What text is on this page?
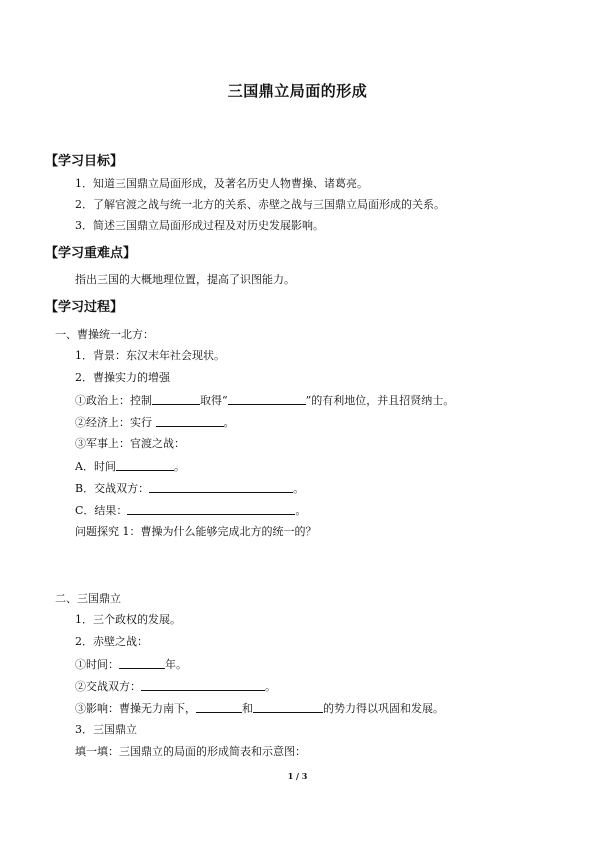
三国鼎立局面的形成
【学习目标】
1．知道三国鼎立局面形成，及著名历史人物曹操、诸葛亮。
2．了解官渡之战与统一北方的关系、赤壁之战与三国鼎立局面形成的关系。
3．简述三国鼎立局面形成过程及对历史发展影响。
【学习重难点】
指出三国的大概地理位置，提高了识图能力。
【学习过程】
一、曹操统一北方：
1．背景：东汉末年社会现状。
2．曹操实力的增强
①政治上：控制	取得“	”的有利地位，并且招贤纳士。
②经济上：实行	。
③军事上：官渡之战：
A．时间	。
B．交战双方：	。
C．结果：	。
问题探究 1：曹操为什么能够完成北方的统一的？
二、三国鼎立
1．三个政权的发展。
2．赤壁之战：
①时间：	年。
②交战双方：	。
③影响：曹操无力南下，	和	的势力得以巩固和发展。
3．三国鼎立
填一填：三国鼎立的局面的形成简表和示意图：
1 / 3
